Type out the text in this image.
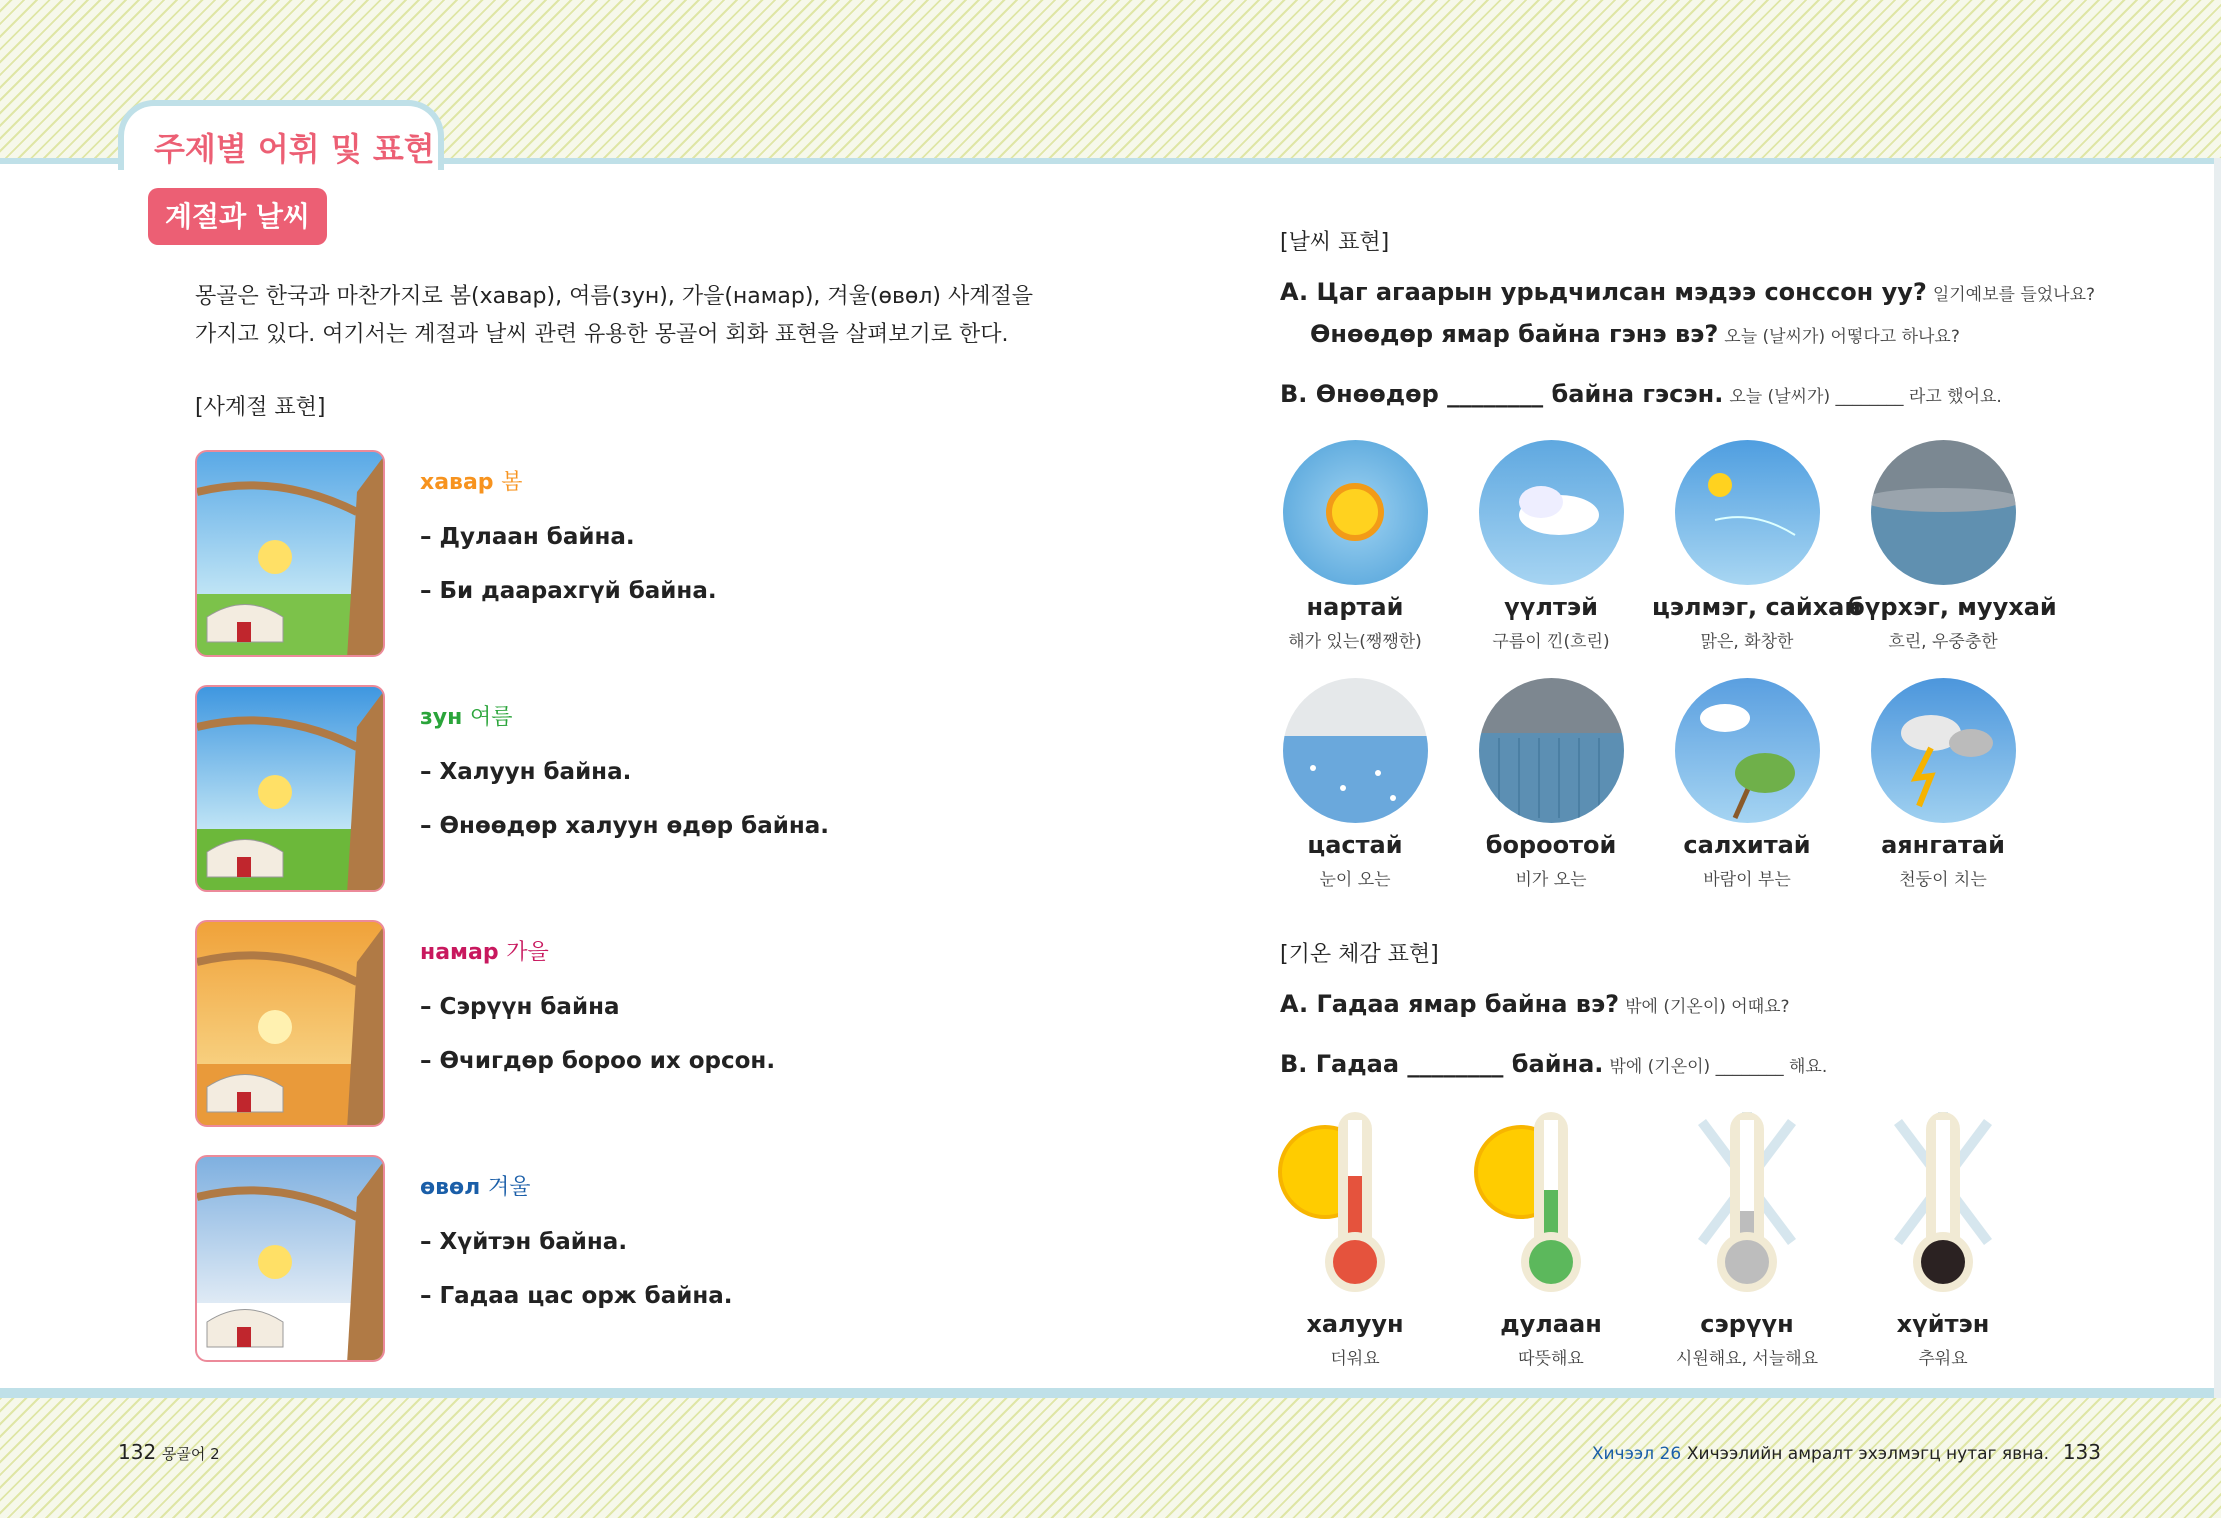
주제별 어휘 및 표현
계절과 날씨
몽골은 한국과 마찬가지로 봄(хавар), 여름(зун), 가을(намар), 겨울(өвөл) 사계절을
가지고 있다. 여기서는 계절과 날씨 관련 유용한 몽골어 회화 표현을 살펴보기로 한다.
[사계절 표현]
хавар 봄
– Дулаан байна.
– Би даарахгүй байна.
зун 여름
– Халуун байна.
– Өнөөдөр халуун өдөр байна.
намар 가을
– Сэрүүн байна
– Өчигдөр бороо их орсон.
өвөл 겨울
– Хүйтэн байна.
– Гадаа цас орж байна.
[날씨 표현]
A. Цаг агаарын урьдчилсан мэдээ сонссон уу? 일기예보를 들었나요?
Өнөөдөр ямар байна гэнэ вэ? 오늘 (날씨가) 어떻다고 하나요?
B. Өнөөдөр ________ байна гэсэн. 오늘 (날씨가) ________ 라고 했어요.
нартай
해가 있는(쨍쨍한)
үүлтэй
구름이 낀(흐린)
цэлмэг, сайхан
맑은, 화창한
бүрхэг, муухай
흐린, 우중충한
цастай
눈이 오는
бороотой
비가 오는
салхитай
바람이 부는
аянгатай
천둥이 치는
[기온 체감 표현]
A. Гадаа ямар байна вэ? 밖에 (기온이) 어때요?
B. Гадаа ________ байна. 밖에 (기온이) ________ 해요.
халуун
더워요
дулаан
따뜻해요
сэрүүн
시원해요, 서늘해요
хүйтэн
추워요
132 몽골어 2	Хичээл 26 Хичээлийн амралт эхэлмэгц нутаг явна. 133
